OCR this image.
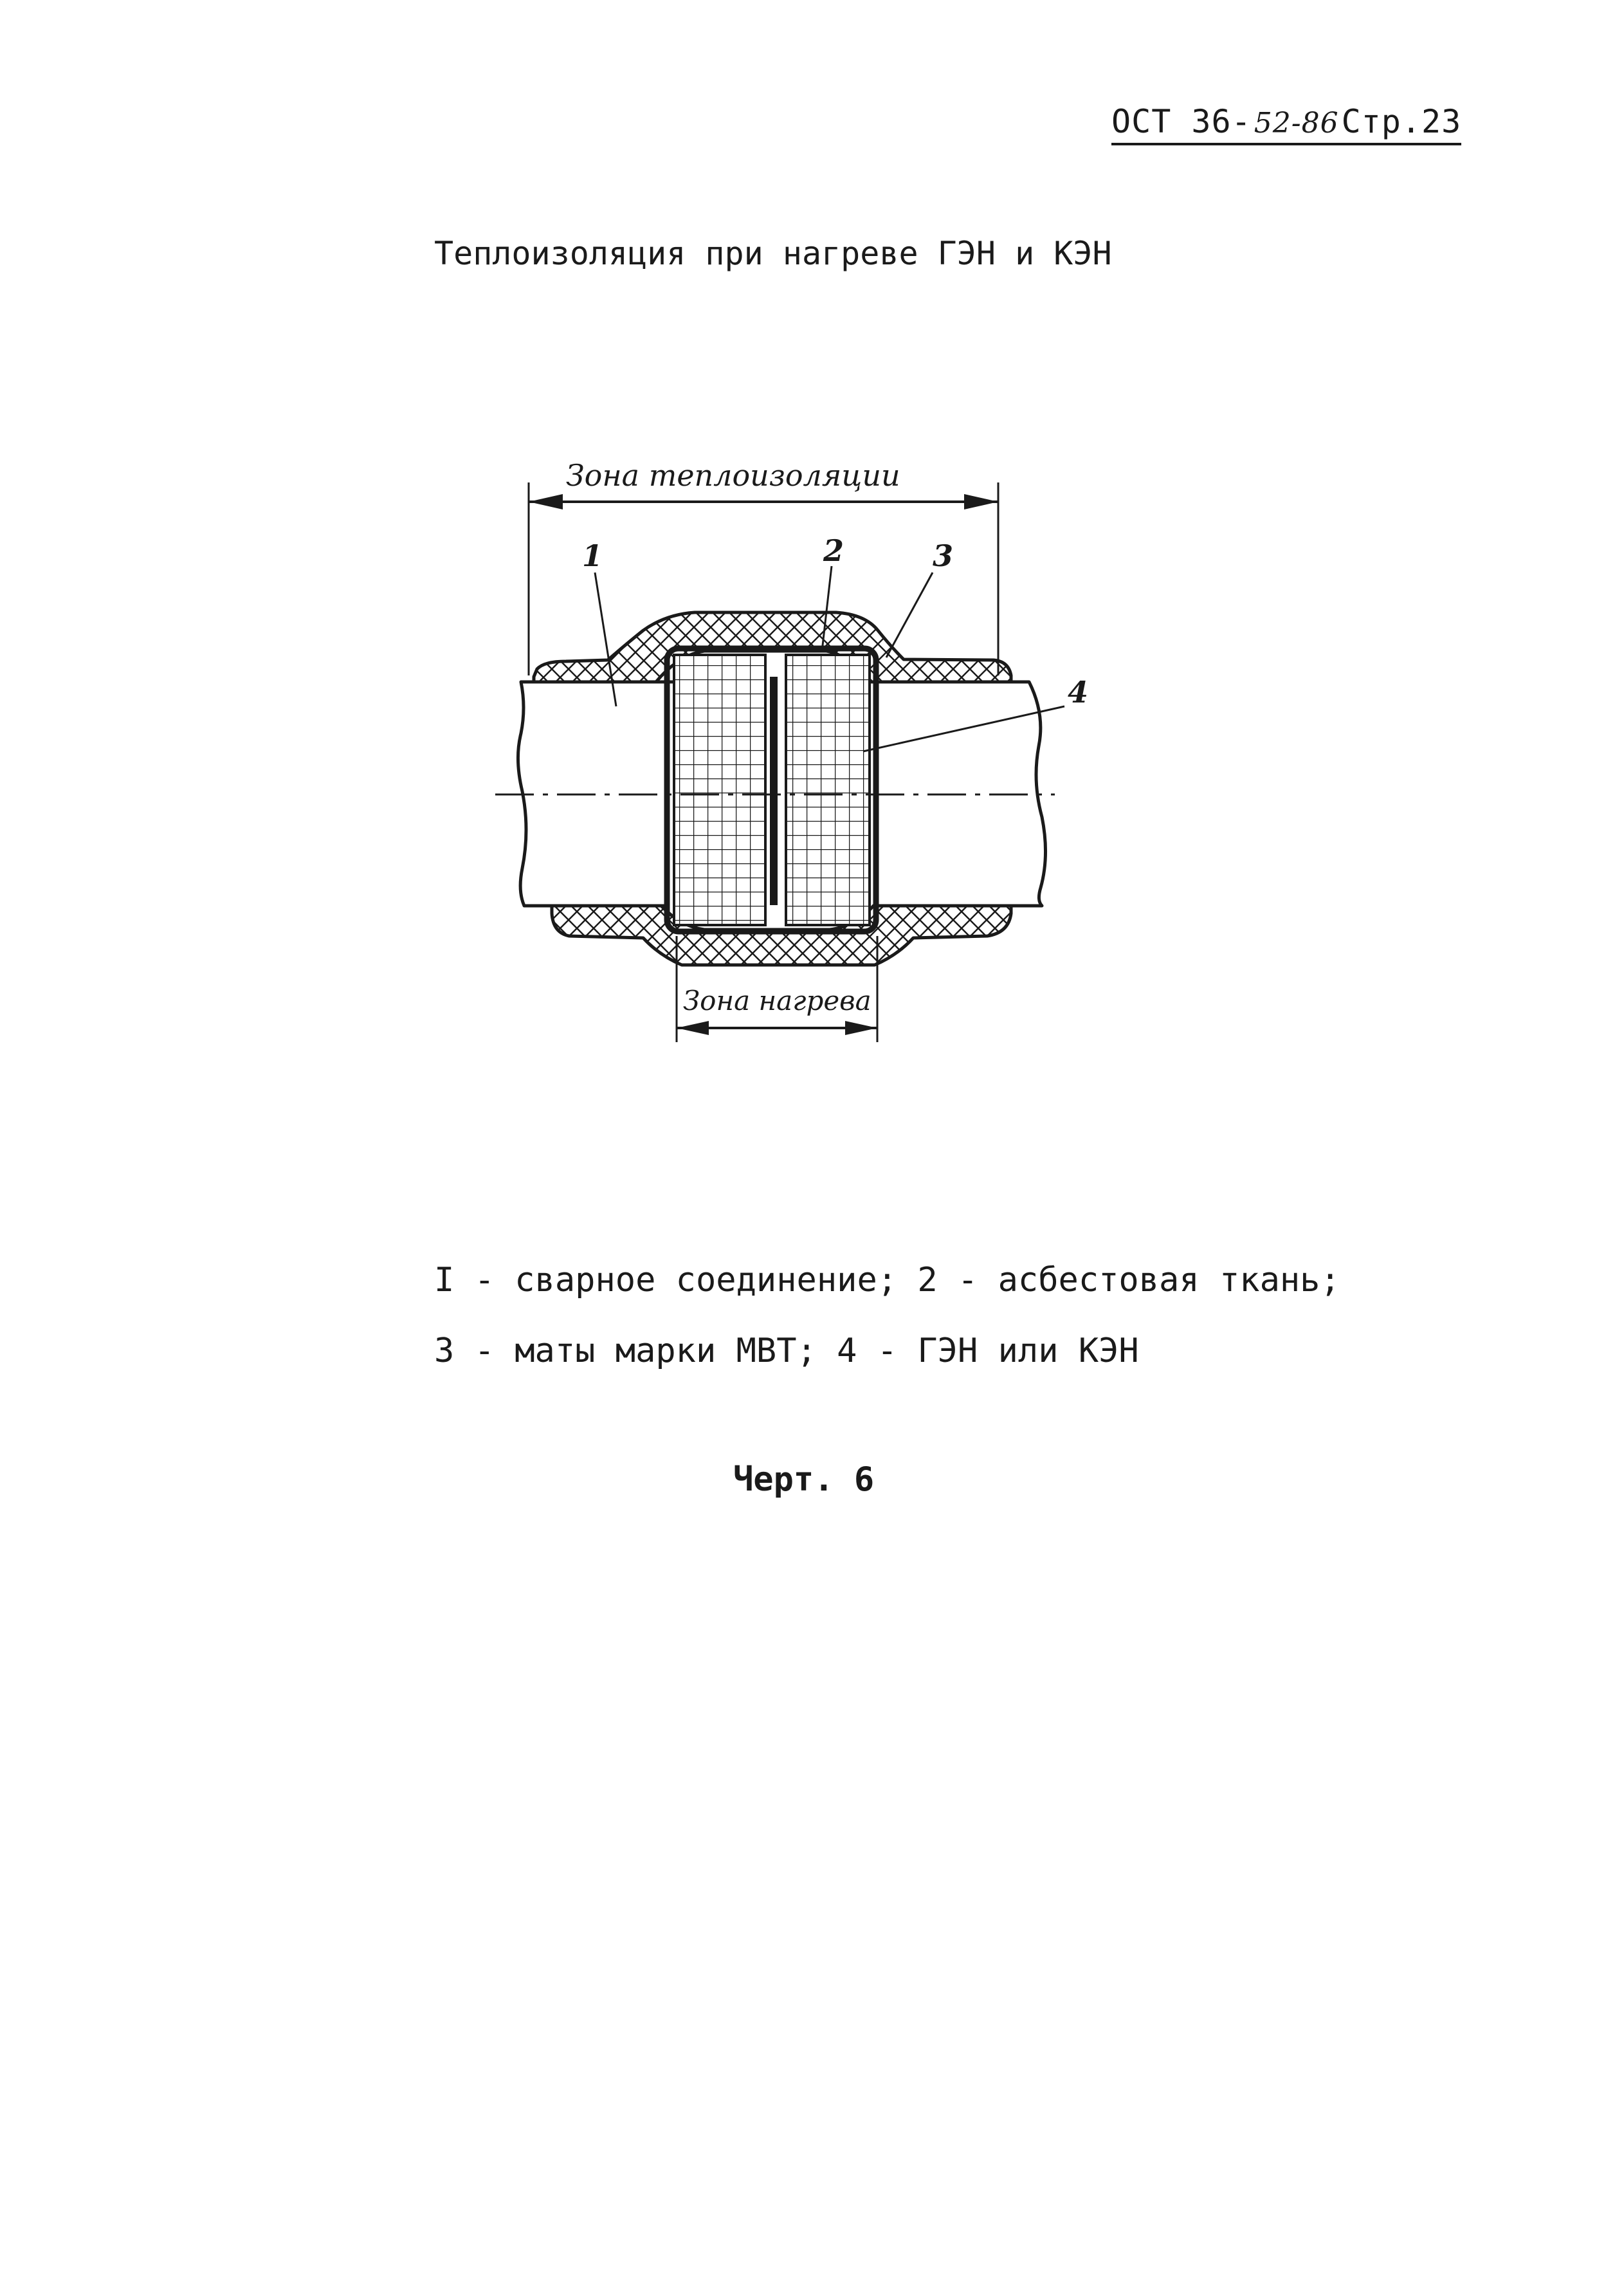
ОСТ 36-52-86Стр.23
Теплоизоляция при нагреве ГЭН и КЭН
Зона теплоизоляции
Зона нагрева
1	2	3
4
I - сварное соединение; 2 - асбестовая ткань;
3 - маты марки МВТ; 4 - ГЭН или КЭН
Черт. 6
